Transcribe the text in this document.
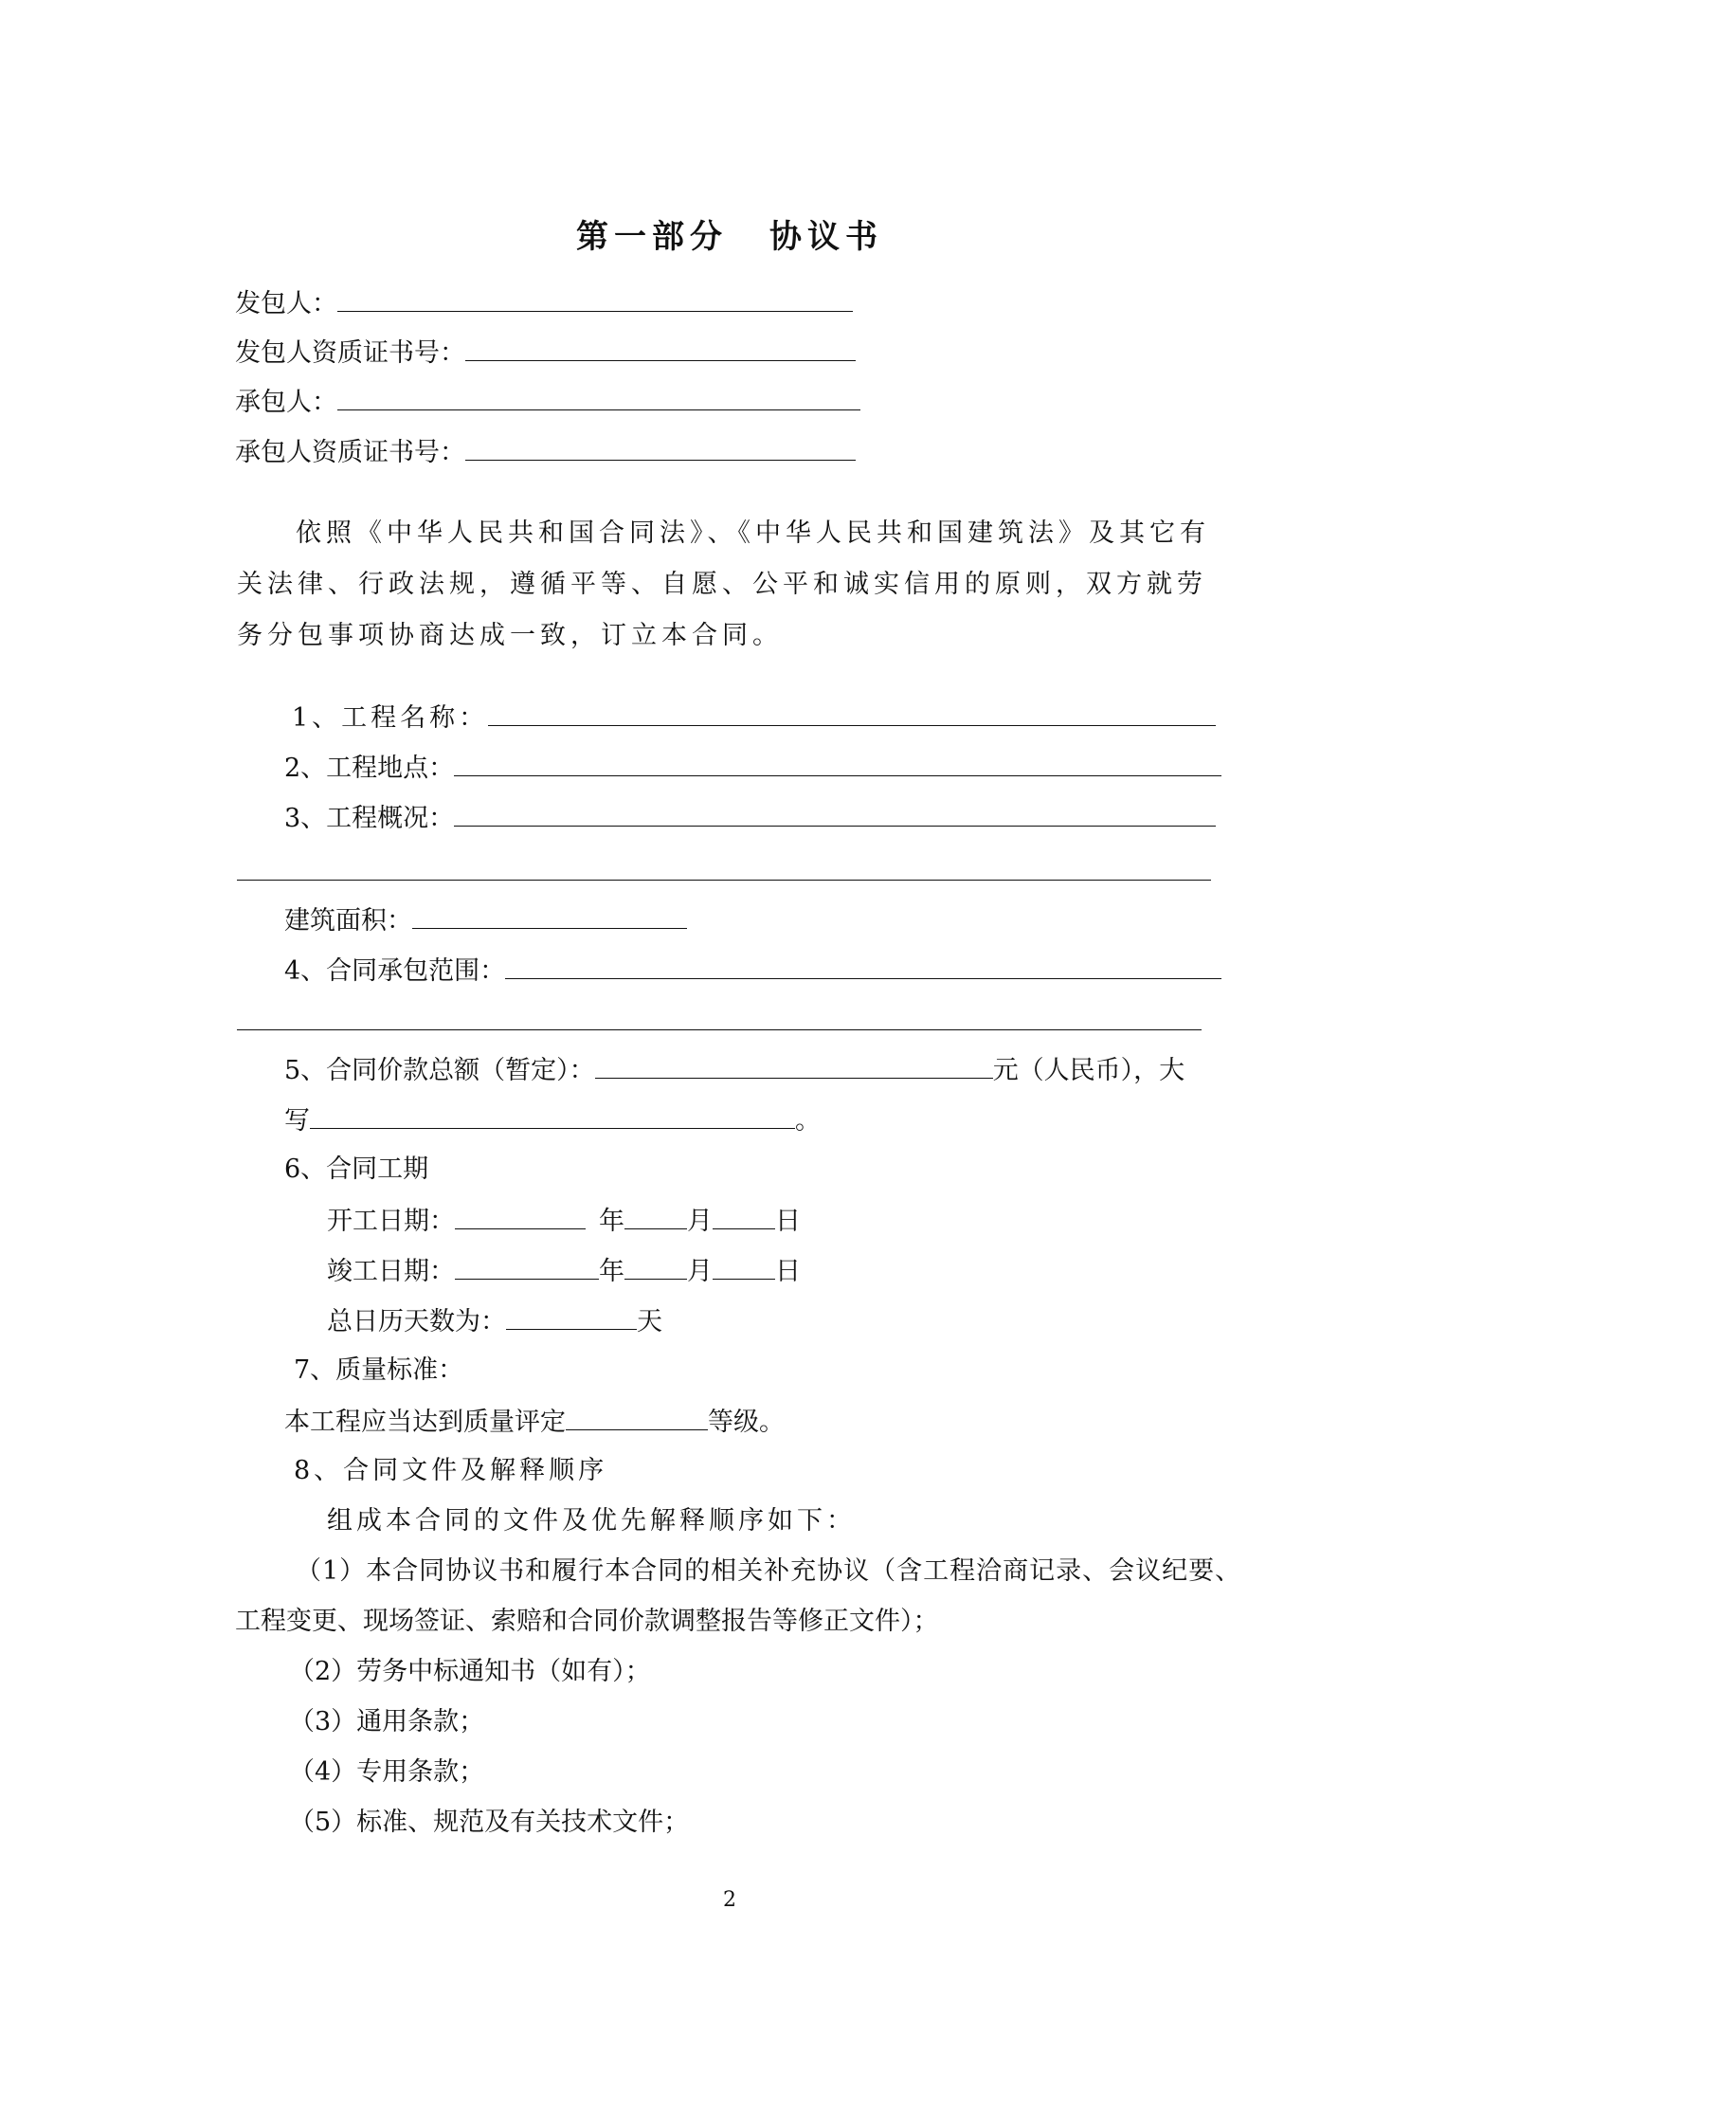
第一部分 协议书
发包人：
发包人资质证书号：
承包人：
承包人资质证书号：
依照《中华人民共和国合同法》、《中华人民共和国建筑法》及其它有关法律、行政法规，遵循平等、自愿、公平和诚实信用的原则，双方就劳务分包事项协商达成一致，订立本合同。
1、工程名称：
2、工程地点：
3、工程概况：
建筑面积：
4、合同承包范围：
5、合同价款总额（暂定）：	元（人民币），大
写	。
6、合同工期
开工日期：	年 月 日
竣工日期：	年 月 日
总日历天数为：	天
7、质量标准：
本工程应当达到质量评定	等级。
8、合同文件及解释顺序
组成本合同的文件及优先解释顺序如下：
（1）本合同协议书和履行本合同的相关补充协议（含工程洽商记录、会议纪要、
工程变更、现场签证、索赔和合同价款调整报告等修正文件）；
（2）劳务中标通知书（如有）；
（3）通用条款；
（4）专用条款；
（5）标准、规范及有关技术文件；
2
